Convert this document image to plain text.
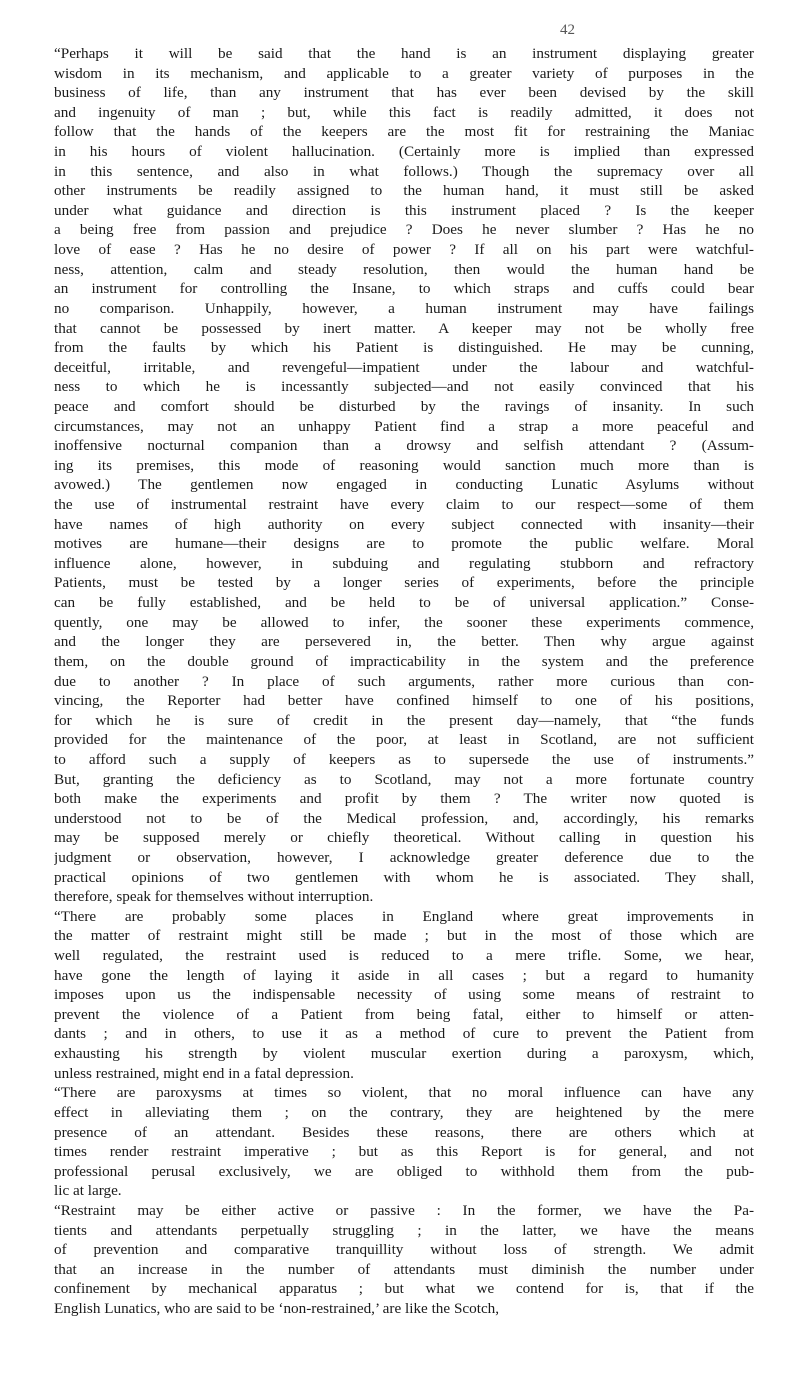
42
“Perhaps it will be said that the hand is an instrument displaying greater
wisdom in its mechanism, and applicable to a greater variety of purposes in the
business of life, than any instrument that has ever been devised by the skill
and ingenuity of man ; but, while this fact is readily admitted, it does not
follow that the hands of the keepers are the most fit for restraining the Maniac
in his hours of violent hallucination. (Certainly more is implied than expressed
in this sentence, and also in what follows.) Though the supremacy over all
other instruments be readily assigned to the human hand, it must still be asked
under what guidance and direction is this instrument placed ? Is the keeper
a being free from passion and prejudice ? Does he never slumber ? Has he no
love of ease ? Has he no desire of power ? If all on his part were watchful-
ness, attention, calm and steady resolution, then would the human hand be
an instrument for controlling the Insane, to which straps and cuffs could bear
no comparison. Unhappily, however, a human instrument may have failings
that cannot be possessed by inert matter. A keeper may not be wholly free
from the faults by which his Patient is distinguished. He may be cunning,
deceitful, irritable, and revengeful—impatient under the labour and watchful-
ness to which he is incessantly subjected—and not easily convinced that his
peace and comfort should be disturbed by the ravings of insanity. In such
circumstances, may not an unhappy Patient find a strap a more peaceful and
inoffensive nocturnal companion than a drowsy and selfish attendant ? (Assum-
ing its premises, this mode of reasoning would sanction much more than is
avowed.) The gentlemen now engaged in conducting Lunatic Asylums without
the use of instrumental restraint have every claim to our respect—some of them
have names of high authority on every subject connected with insanity—their
motives are humane—their designs are to promote the public welfare. Moral
influence alone, however, in subduing and regulating stubborn and refractory
Patients, must be tested by a longer series of experiments, before the principle
can be fully established, and be held to be of universal application.” Conse-
quently, one may be allowed to infer, the sooner these experiments commence,
and the longer they are persevered in, the better. Then why argue against
them, on the double ground of impracticability in the system and the preference
due to another ? In place of such arguments, rather more curious than con-
vincing, the Reporter had better have confined himself to one of his positions,
for which he is sure of credit in the present day—namely, that “the funds
provided for the maintenance of the poor, at least in Scotland, are not sufficient
to afford such a supply of keepers as to supersede the use of instruments.”
But, granting the deficiency as to Scotland, may not a more fortunate country
both make the experiments and profit by them ? The writer now quoted is
understood not to be of the Medical profession, and, accordingly, his remarks
may be supposed merely or chiefly theoretical. Without calling in question his
judgment or observation, however, I acknowledge greater deference due to the
practical opinions of two gentlemen with whom he is associated. They shall,
therefore, speak for themselves without interruption.
“There are probably some places in England where great improvements in
the matter of restraint might still be made ; but in the most of those which are
well regulated, the restraint used is reduced to a mere trifle. Some, we hear,
have gone the length of laying it aside in all cases ; but a regard to humanity
imposes upon us the indispensable necessity of using some means of restraint to
prevent the violence of a Patient from being fatal, either to himself or atten-
dants ; and in others, to use it as a method of cure to prevent the Patient from
exhausting his strength by violent muscular exertion during a paroxysm, which,
unless restrained, might end in a fatal depression.
“There are paroxysms at times so violent, that no moral influence can have any
effect in alleviating them ; on the contrary, they are heightened by the mere
presence of an attendant. Besides these reasons, there are others which at
times render restraint imperative ; but as this Report is for general, and not
professional perusal exclusively, we are obliged to withhold them from the pub-
lic at large.
“Restraint may be either active or passive : In the former, we have the Pa-
tients and attendants perpetually struggling ; in the latter, we have the means
of prevention and comparative tranquillity without loss of strength. We admit
that an increase in the number of attendants must diminish the number under
confinement by mechanical apparatus ; but what we contend for is, that if the
English Lunatics, who are said to be ‘non-restrained,’ are like the Scotch,
